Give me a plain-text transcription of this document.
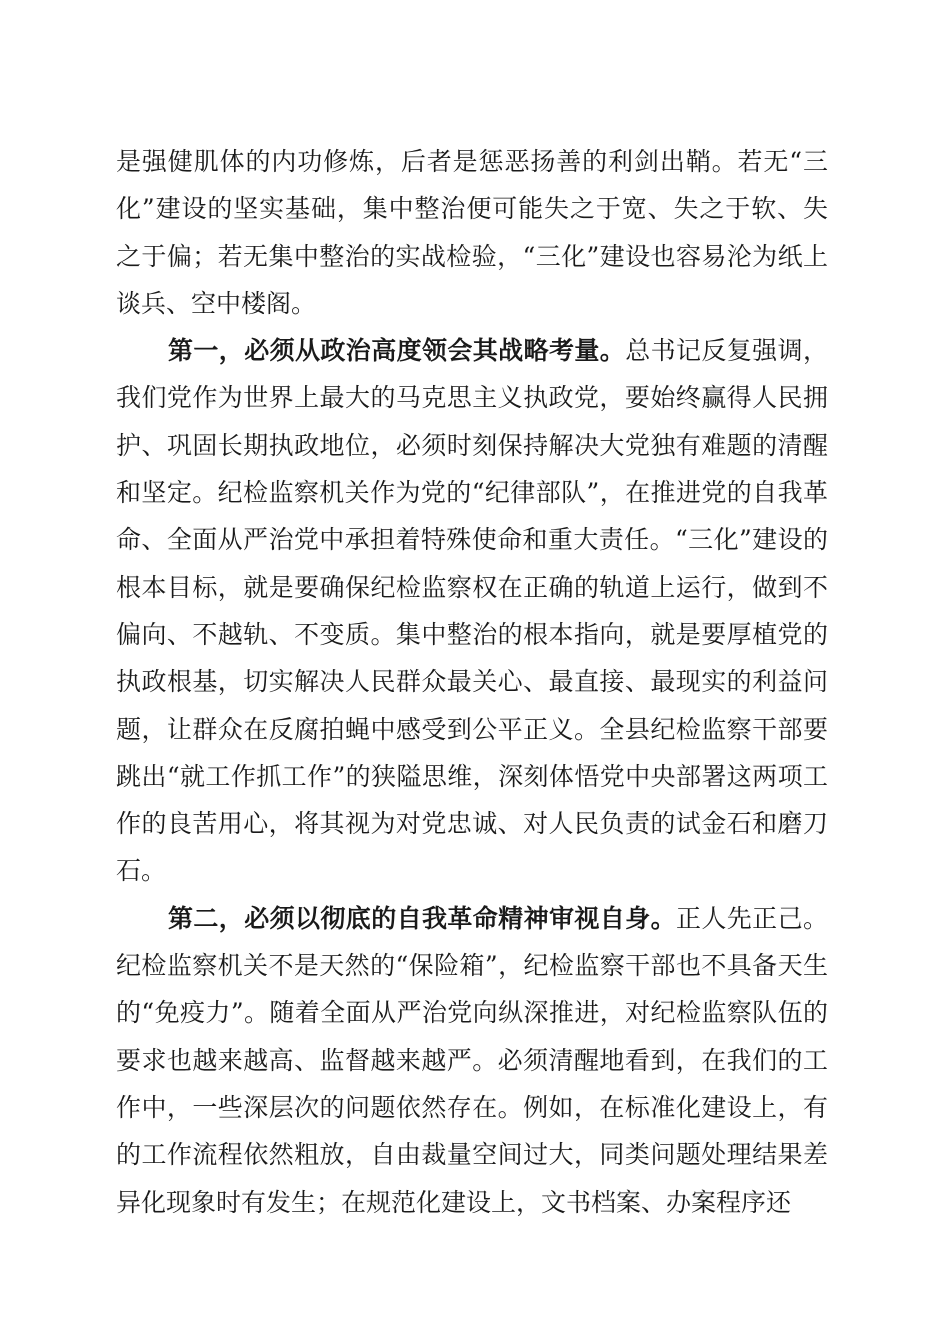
是强健肌体的内功修炼，后者是惩恶扬善的利剑出鞘。若无“三化”建设的坚实基础，集中整治便可能失之于宽、失之于软、失之于偏；若无集中整治的实战检验，“三化”建设也容易沦为纸上谈兵、空中楼阁。

第一，必须从政治高度领会其战略考量。总书记反复强调，我们党作为世界上最大的马克思主义执政党，要始终赢得人民拥护、巩固长期执政地位，必须时刻保持解决大党独有难题的清醒和坚定。纪检监察机关作为党的“纪律部队”，在推进党的自我革命、全面从严治党中承担着特殊使命和重大责任。“三化”建设的根本目标，就是要确保纪检监察权在正确的轨道上运行，做到不偏向、不越轨、不变质。集中整治的根本指向，就是要厚植党的执政根基，切实解决人民群众最关心、最直接、最现实的利益问题，让群众在反腐拍蝇中感受到公平正义。全县纪检监察干部要跳出“就工作抓工作”的狭隘思维，深刻体悟党中央部署这两项工作的良苦用心，将其视为对党忠诚、对人民负责的试金石和磨刀石。

第二，必须以彻底的自我革命精神审视自身。正人先正己。纪检监察机关不是天然的“保险箱”，纪检监察干部也不具备天生的“免疫力”。随着全面从严治党向纵深推进，对纪检监察队伍的要求也越来越高、监督越来越严。必须清醒地看到，在我们的工作中，一些深层次的问题依然存在。例如，在标准化建设上，有的工作流程依然粗放，自由裁量空间过大，同类问题处理结果差异化现象时有发生；在规范化建设上，文书档案、办案程序还
